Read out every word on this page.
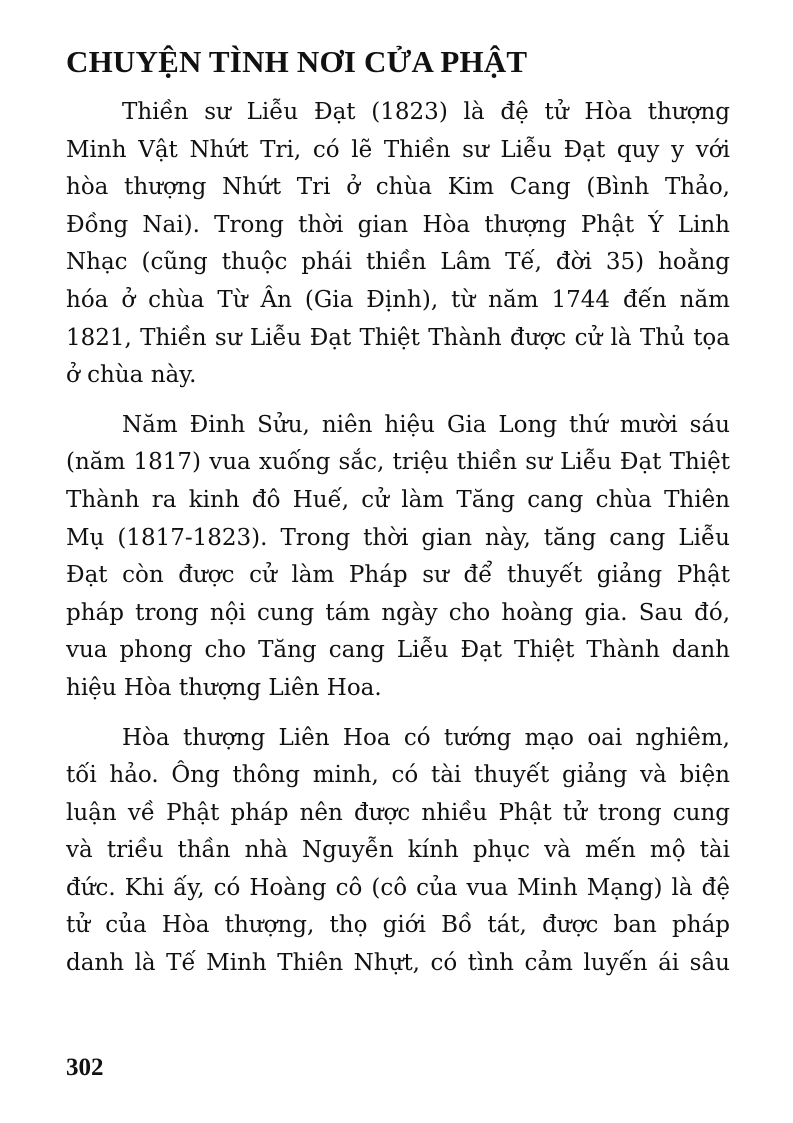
CHUYỆN TÌNH NƠI CỬA PHẬT

Thiền sư Liễu Đạt (1823) là đệ tử Hòa thượng
Minh Vật Nhứt Tri, có lẽ Thiền sư Liễu Đạt quy y với
hòa thượng Nhứt Tri ở chùa Kim Cang (Bình Thảo,
Đồng Nai). Trong thời gian Hòa thượng Phật Ý Linh
Nhạc (cũng thuộc phái thiền Lâm Tế, đời 35) hoằng
hóa ở chùa Từ Ân (Gia Định), từ năm 1744 đến năm
1821, Thiền sư Liễu Đạt Thiệt Thành được cử là Thủ tọa
ở chùa này.

Năm Đinh Sửu, niên hiệu Gia Long thứ mười sáu
(năm 1817) vua xuống sắc, triệu thiền sư Liễu Đạt Thiệt
Thành ra kinh đô Huế, cử làm Tăng cang chùa Thiên
Mụ (1817-1823). Trong thời gian này, tăng cang Liễu
Đạt còn được cử làm Pháp sư để thuyết giảng Phật
pháp trong nội cung tám ngày cho hoàng gia. Sau đó,
vua phong cho Tăng cang Liễu Đạt Thiệt Thành danh
hiệu Hòa thượng Liên Hoa.

Hòa thượng Liên Hoa có tướng mạo oai nghiêm,
tối hảo. Ông thông minh, có tài thuyết giảng và biện
luận về Phật pháp nên được nhiều Phật tử trong cung
và triều thần nhà Nguyễn kính phục và mến mộ tài
đức. Khi ấy, có Hoàng cô (cô của vua Minh Mạng) là đệ
tử của Hòa thượng, thọ giới Bồ tát, được ban pháp
danh là Tế Minh Thiên Nhựt, có tình cảm luyến ái sâu

302
